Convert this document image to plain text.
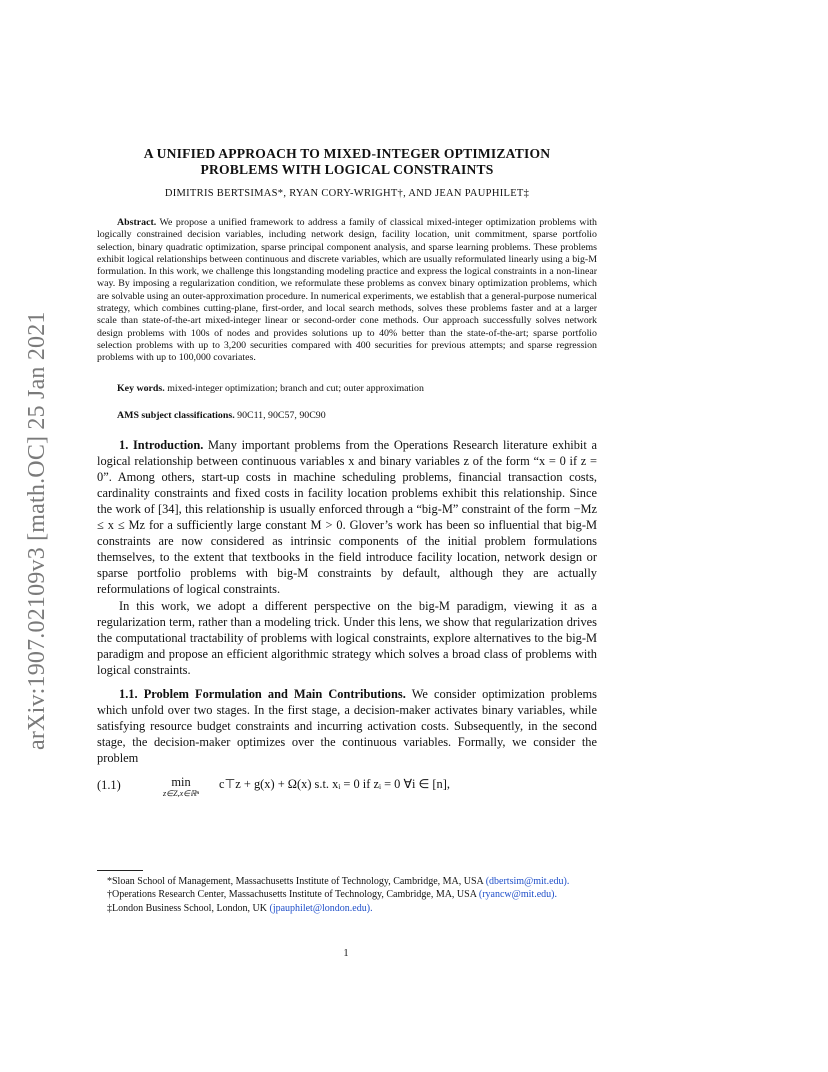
arXiv:1907.02109v3 [math.OC] 25 Jan 2021
A UNIFIED APPROACH TO MIXED-INTEGER OPTIMIZATION
PROBLEMS WITH LOGICAL CONSTRAINTS
DIMITRIS BERTSIMAS*, RYAN CORY-WRIGHT†, AND JEAN PAUPHILET‡
Abstract. We propose a unified framework to address a family of classical mixed-integer optimization problems with logically constrained decision variables, including network design, facility location, unit commitment, sparse portfolio selection, binary quadratic optimization, sparse principal component analysis, and sparse learning problems. These problems exhibit logical relationships between continuous and discrete variables, which are usually reformulated linearly using a big-M formulation. In this work, we challenge this longstanding modeling practice and express the logical constraints in a non-linear way. By imposing a regularization condition, we reformulate these problems as convex binary optimization problems, which are solvable using an outer-approximation procedure. In numerical experiments, we establish that a general-purpose numerical strategy, which combines cutting-plane, first-order, and local search methods, solves these problems faster and at a larger scale than state-of-the-art mixed-integer linear or second-order cone methods. Our approach successfully solves network design problems with 100s of nodes and provides solutions up to 40% better than the state-of-the-art; sparse portfolio selection problems with up to 3,200 securities compared with 400 securities for previous attempts; and sparse regression problems with up to 100,000 covariates.
Key words. mixed-integer optimization; branch and cut; outer approximation
AMS subject classifications. 90C11, 90C57, 90C90

1. Introduction. Many important problems from the Operations Research literature exhibit a logical relationship between continuous variables x and binary variables z of the form “x = 0 if z = 0”. Among others, start-up costs in machine scheduling problems, financial transaction costs, cardinality constraints and fixed costs in facility location problems exhibit this relationship. Since the work of [34], this relationship is usually enforced through a “big-M” constraint of the form −Mz ≤ x ≤ Mz for a sufficiently large constant M > 0. Glover’s work has been so influential that big-M constraints are now considered as intrinsic components of the initial problem formulations themselves, to the extent that textbooks in the field introduce facility location, network design or sparse portfolio problems with big-M constraints by default, although they are actually reformulations of logical constraints.

In this work, we adopt a different perspective on the big-M paradigm, viewing it as a regularization term, rather than a modeling trick. Under this lens, we show that regularization drives the computational tractability of problems with logical constraints, explore alternatives to the big-M paradigm and propose an efficient algorithmic strategy which solves a broad class of problems with logical constraints.

1.1. Problem Formulation and Main Contributions. We consider optimization problems which unfold over two stages. In the first stage, a decision-maker activates binary variables, while satisfying resource budget constraints and incurring activation costs. Subsequently, in the second stage, the decision-maker optimizes over the continuous variables. Formally, we consider the problem

(1.1)	min
z∈Z,x∈ℝⁿ
c⊤z + g(x) + Ω(x) s.t. xᵢ = 0 if zᵢ = 0 ∀i ∈ [n],

*Sloan School of Management, Massachusetts Institute of Technology, Cambridge, MA, USA (dbertsim@mit.edu).

†Operations Research Center, Massachusetts Institute of Technology, Cambridge, MA, USA (ryancw@mit.edu).

‡London Business School, London, UK (jpauphilet@london.edu).

1
